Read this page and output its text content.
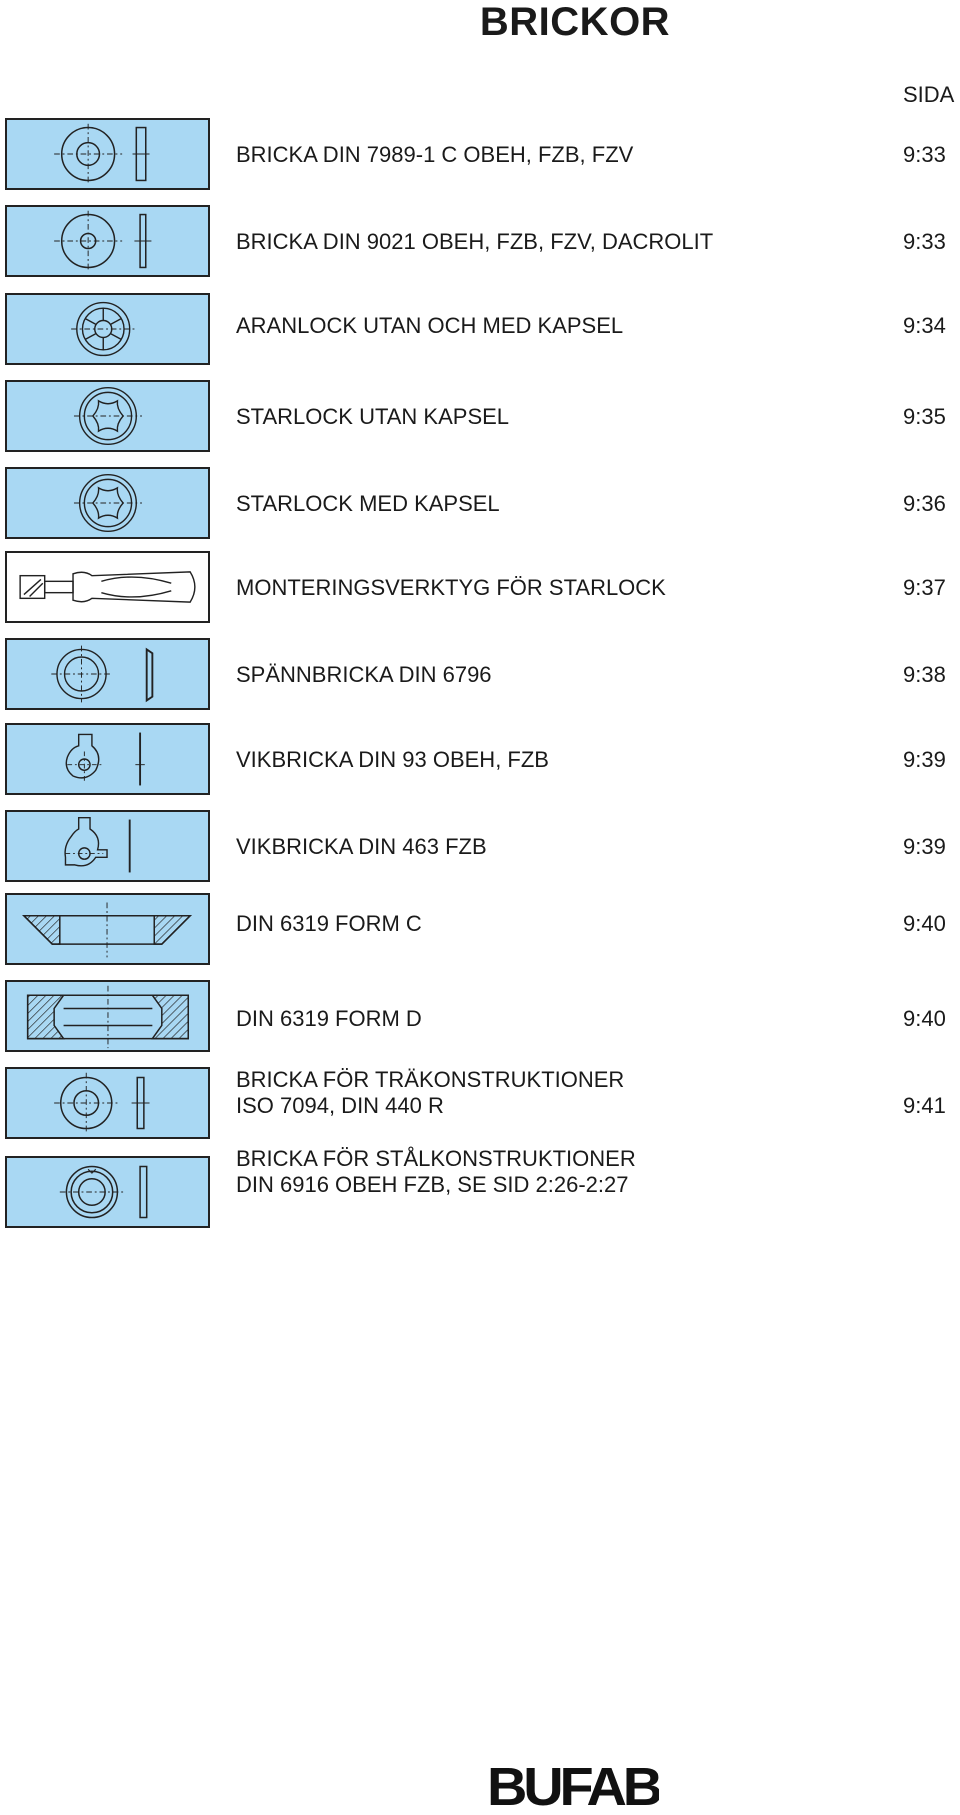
BRICKOR
SIDA
BRICKA DIN 7989-1 C OBEH, FZB, FZV	9:33
BRICKA DIN 9021 OBEH, FZB, FZV, DACROLIT	9:33
ARANLOCK UTAN OCH MED KAPSEL	9:34
STARLOCK UTAN KAPSEL	9:35
STARLOCK MED KAPSEL	9:36
MONTERINGSVERKTYG FÖR STARLOCK	9:37
SPÄNNBRICKA DIN 6796	9:38
VIKBRICKA DIN 93 OBEH, FZB	9:39
VIKBRICKA DIN 463 FZB	9:39
DIN 6319 FORM C	9:40
DIN 6319 FORM D	9:40
BRICKA FÖR TRÄKONSTRUKTIONER
ISO 7094, DIN 440 R	9:41
BRICKA FÖR STÅLKONSTRUKTIONER
DIN 6916 OBEH FZB, SE SID 2:26-2:27
BUFAB
